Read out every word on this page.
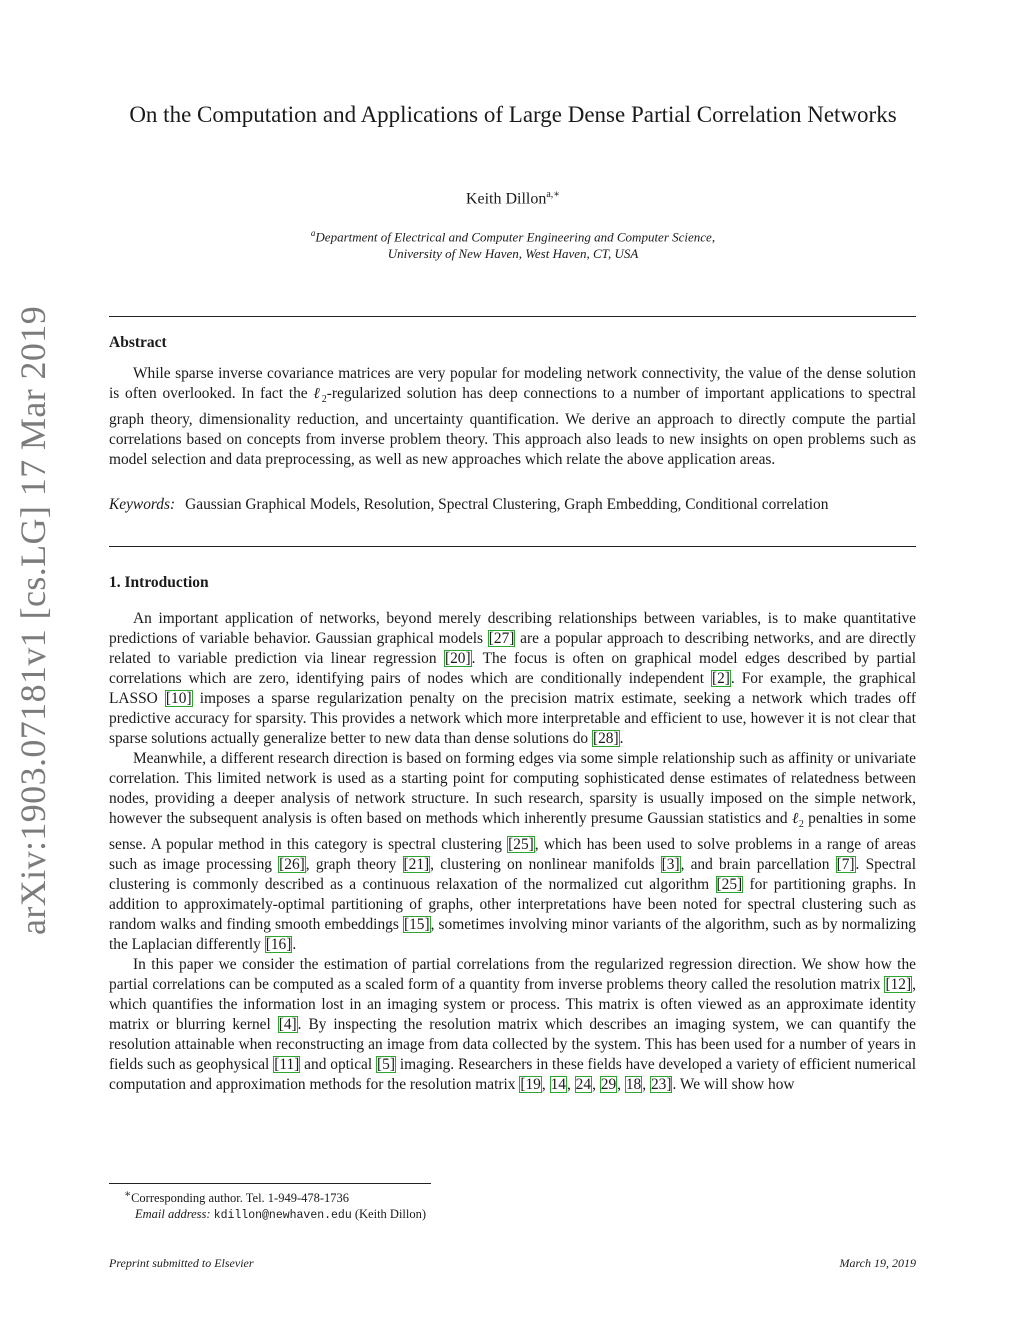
arXiv:1903.07181v1 [cs.LG] 17 Mar 2019
On the Computation and Applications of Large Dense Partial Correlation Networks
Keith Dillon$^{a,∗}$
$^a$Department of Electrical and Computer Engineering and Computer Science,
University of New Haven, West Haven, CT, USA
Abstract

While sparse inverse covariance matrices are very popular for modeling network connectivity, the value of the dense solution is often overlooked. In fact the ℓ$_2$-regularized solution has deep connections to a number of important applications to spectral graph theory, dimensionality reduction, and uncertainty quantification. We derive an approach to directly compute the partial correlations based on concepts from inverse problem theory. This approach also leads to new insights on open problems such as model selection and data preprocessing, as well as new approaches which relate the above application areas.

Keywords: Gaussian Graphical Models, Resolution, Spectral Clustering, Graph Embedding, Conditional correlation
1. Introduction

An important application of networks, beyond merely describing relationships between variables, is to make quantitative predictions of variable behavior. Gaussian graphical models [27] are a popular approach to describing networks, and are directly related to variable prediction via linear regression [20]. The focus is often on graphical model edges described by partial correlations which are zero, identifying pairs of nodes which are conditionally independent [2]. For example, the graphical LASSO [10] imposes a sparse regularization penalty on the precision matrix estimate, seeking a network which trades off predictive accuracy for sparsity. This provides a network which more interpretable and efficient to use, however it is not clear that sparse solutions actually generalize better to new data than dense solutions do [28].

Meanwhile, a different research direction is based on forming edges via some simple relationship such as affinity or univariate correlation. This limited network is used as a starting point for computing sophisticated dense estimates of relatedness between nodes, providing a deeper analysis of network structure. In such research, sparsity is usually imposed on the simple network, however the subsequent analysis is often based on methods which inherently presume Gaussian statistics and ℓ$_2$ penalties in some sense. A popular method in this category is spectral clustering [25], which has been used to solve problems in a range of areas such as image processing [26], graph theory [21], clustering on nonlinear manifolds [3], and brain parcellation [7]. Spectral clustering is commonly described as a continuous relaxation of the normalized cut algorithm [25] for partitioning graphs. In addition to approximately-optimal partitioning of graphs, other interpretations have been noted for spectral clustering such as random walks and finding smooth embeddings [15], sometimes involving minor variants of the algorithm, such as by normalizing the Laplacian differently [16].

In this paper we consider the estimation of partial correlations from the regularized regression direction. We show how the partial correlations can be computed as a scaled form of a quantity from inverse problems theory called the resolution matrix [12], which quantifies the information lost in an imaging system or process. This matrix is often viewed as an approximate identity matrix or blurring kernel [4]. By inspecting the resolution matrix which describes an imaging system, we can quantify the resolution attainable when reconstructing an image from data collected by the system. This has been used for a number of years in fields such as geophysical [11] and optical [5] imaging. Researchers in these fields have developed a variety of efficient numerical computation and approximation methods for the resolution matrix [19, 14, 24, 29, 18, 23]. We will show how

∗Corresponding author. Tel. 1-949-478-1736
Email address: kdillon@newhaven.edu (Keith Dillon)
Preprint submitted to Elsevier	March 19, 2019
